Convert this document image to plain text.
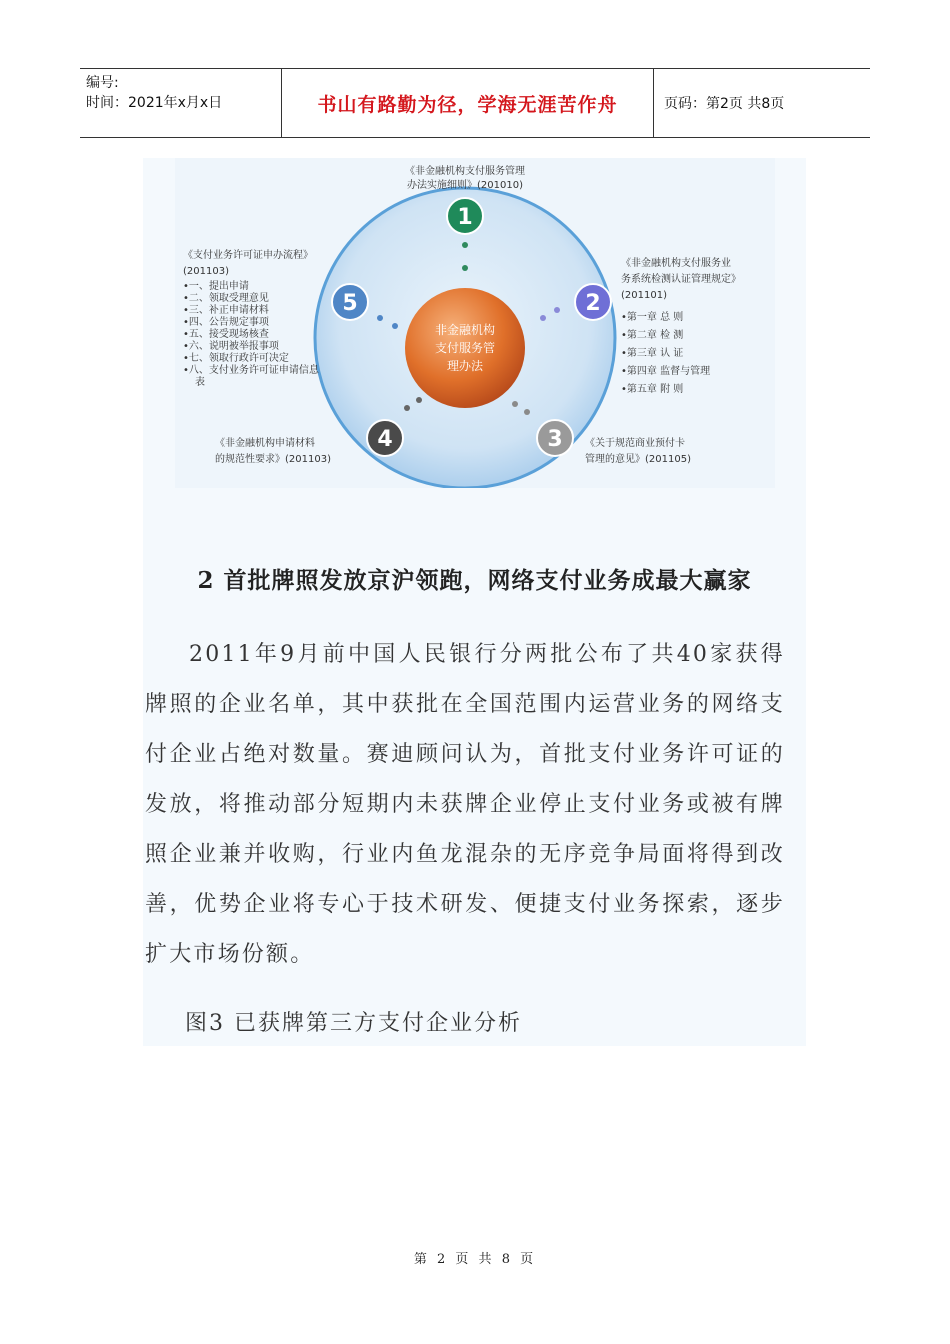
编号:
时间：2021年x月x日	书山有路勤为径，学海无涯苦作舟	页码：第2页 共8页
非金融机构
支付服务管
理办法
1
2
3
4
5
《非金融机构支付服务管理
办法实施细则》(201010)
《非金融机构支付服务业
务系统检测认证管理规定》
(201101)
•第一章 总 则
•第二章 检 测
•第三章 认 证
•第四章 监督与管理
•第五章 附 则
《关于规范商业预付卡
管理的意见》(201105)
《非金融机构申请材料
的规范性要求》(201103)
《支付业务许可证申办流程》
(201103)
•一、提出申请
•二、领取受理意见
•三、补正申请材料
•四、公告规定事项
•五、接受现场核查
•六、说明被举报事项
•七、领取行政许可决定
•八、支付业务许可证申请信息
表
2 首批牌照发放京沪领跑，网络支付业务成最大赢家

2011年9月前中国人民银行分两批公布了共40家获得牌照的企业名单，其中获批在全国范围内运营业务的网络支付企业占绝对数量。赛迪顾问认为，首批支付业务许可证的发放，将推动部分短期内未获牌企业停止支付业务或被有牌照企业兼并收购，行业内鱼龙混杂的无序竞争局面将得到改善，优势企业将专心于技术研发、便捷支付业务探索，逐步扩大市场份额。

图3 已获牌第三方支付企业分析
第 2 页 共 8 页
